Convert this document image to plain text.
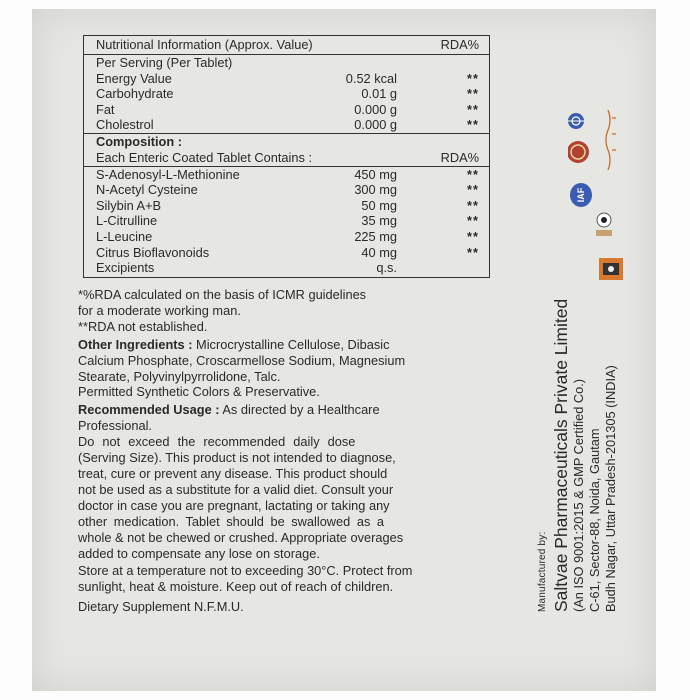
Nutritional Information (Approx. Value)	RDA%
Per Serving (Per Tablet)
Energy Value	0.52 kcal	**
Carbohydrate	0.01 g	**
Fat	0.000 g	**
Cholestrol	0.000 g	**
Composition :
Each Enteric Coated Tablet Contains :	RDA%
S-Adenosyl-L-Methionine	450 mg	**
N-Acetyl Cysteine	300 mg	**
Silybin A+B	50 mg	**
L-Citrulline	35 mg	**
L-Leucine	225 mg	**
Citrus Bioflavonoids	40 mg	**
Excipients	q.s.

*%RDA calculated on the basis of ICMR guidelines

for a moderate working man.

**RDA not established.

Other Ingredients : Microcrystalline Cellulose, Dibasic

Calcium Phosphate, Croscarmellose Sodium, Magnesium

Stearate, Polyvinylpyrrolidone, Talc.

Permitted Synthetic Colors & Preservative.

Recommended Usage : As directed by a Healthcare

Professional.

Do not exceed the recommended daily dose

(Serving Size). This product is not intended to diagnose,

treat, cure or prevent any disease. This product should

not be used as a substitute for a valid diet. Consult your

doctor in case you are pregnant, lactating or taking any

other medication. Tablet should be swallowed as a

whole & not be chewed or crushed. Appropriate overages

added to compensate any lose on storage.

Store at a temperature not to exceeding 30°C. Protect from

sunlight, heat & moisture. Keep out of reach of children.

Dietary Supplement N.F.M.U.

IAF
Manufactured by: Saltvae Pharmaceuticals Private Limited (An ISO 9001:2015 & GMP Certified Co.) C-61, Sector-88, Noida, Gautam Budh Nagar, Uttar Pradesh-201305 (INDIA)
